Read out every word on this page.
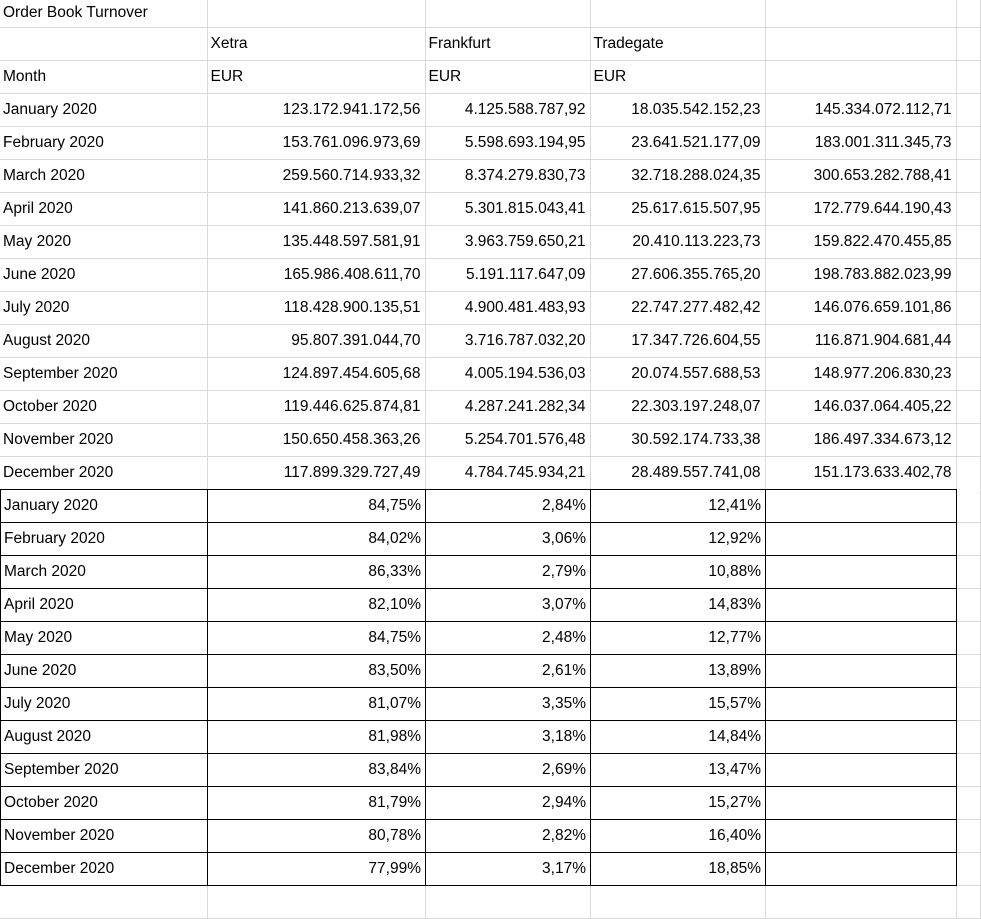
Order Book Turnover					
	Xetra	Frankfurt	Tradegate		
Month	EUR	EUR	EUR		
January 2020	123.172.941.172,56	4.125.588.787,92	18.035.542.152,23	145.334.072.112,71	
February 2020	153.761.096.973,69	5.598.693.194,95	23.641.521.177,09	183.001.311.345,73	
March 2020	259.560.714.933,32	8.374.279.830,73	32.718.288.024,35	300.653.282.788,41	
April 2020	141.860.213.639,07	5.301.815.043,41	25.617.615.507,95	172.779.644.190,43	
May 2020	135.448.597.581,91	3.963.759.650,21	20.410.113.223,73	159.822.470.455,85	
June 2020	165.986.408.611,70	5.191.117.647,09	27.606.355.765,20	198.783.882.023,99	
July 2020	118.428.900.135,51	4.900.481.483,93	22.747.277.482,42	146.076.659.101,86	
August 2020	95.807.391.044,70	3.716.787.032,20	17.347.726.604,55	116.871.904.681,44	
September 2020	124.897.454.605,68	4.005.194.536,03	20.074.557.688,53	148.977.206.830,23	
October 2020	119.446.625.874,81	4.287.241.282,34	22.303.197.248,07	146.037.064.405,22	
November 2020	150.650.458.363,26	5.254.701.576,48	30.592.174.733,38	186.497.334.673,12	
December 2020	117.899.329.727,49	4.784.745.934,21	28.489.557.741,08	151.173.633.402,78	
January 2020	84,75%	2,84%	12,41%		
February 2020	84,02%	3,06%	12,92%		
March 2020	86,33%	2,79%	10,88%		
April 2020	82,10%	3,07%	14,83%		
May 2020	84,75%	2,48%	12,77%		
June 2020	83,50%	2,61%	13,89%		
July 2020	81,07%	3,35%	15,57%		
August 2020	81,98%	3,18%	14,84%		
September 2020	83,84%	2,69%	13,47%		
October 2020	81,79%	2,94%	15,27%		
November 2020	80,78%	2,82%	16,40%		
December 2020	77,99%	3,17%	18,85%		
